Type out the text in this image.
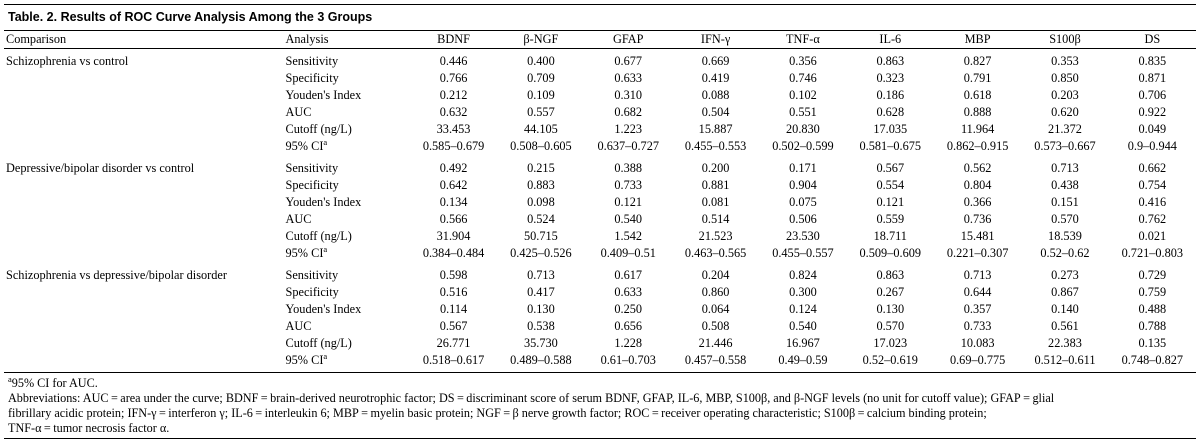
Table. 2. Results of ROC Curve Analysis Among the 3 Groups
Comparison	Analysis	BDNF	β-NGF	GFAP	IFN-γ	TNF-α	IL-6	MBP	S100β	DS
Schizophrenia vs control	Sensitivity	0.446	0.400	0.677	0.669	0.356	0.863	0.827	0.353	0.835
	Specificity	0.766	0.709	0.633	0.419	0.746	0.323	0.791	0.850	0.871
	Youden's Index	0.212	0.109	0.310	0.088	0.102	0.186	0.618	0.203	0.706
	AUC	0.632	0.557	0.682	0.504	0.551	0.628	0.888	0.620	0.922
	Cutoff (ng/L)	33.453	44.105	1.223	15.887	20.830	17.035	11.964	21.372	0.049
	95% $CI^a$	0.585–0.679	0.508–0.605	0.637–0.727	0.455–0.553	0.502–0.599	0.581–0.675	0.862–0.915	0.573–0.667	0.9–0.944
Depressive/bipolar disorder vs control	Sensitivity	0.492	0.215	0.388	0.200	0.171	0.567	0.562	0.713	0.662
	Specificity	0.642	0.883	0.733	0.881	0.904	0.554	0.804	0.438	0.754
	Youden's Index	0.134	0.098	0.121	0.081	0.075	0.121	0.366	0.151	0.416
	AUC	0.566	0.524	0.540	0.514	0.506	0.559	0.736	0.570	0.762
	Cutoff (ng/L)	31.904	50.715	1.542	21.523	23.530	18.711	15.481	18.539	0.021
	95% $CI^a$	0.384–0.484	0.425–0.526	0.409–0.51	0.463–0.565	0.455–0.557	0.509–0.609	0.221–0.307	0.52–0.62	0.721–0.803
Schizophrenia vs depressive/bipolar disorder	Sensitivity	0.598	0.713	0.617	0.204	0.824	0.863	0.713	0.273	0.729
	Specificity	0.516	0.417	0.633	0.860	0.300	0.267	0.644	0.867	0.759
	Youden's Index	0.114	0.130	0.250	0.064	0.124	0.130	0.357	0.140	0.488
	AUC	0.567	0.538	0.656	0.508	0.540	0.570	0.733	0.561	0.788
	Cutoff (ng/L)	26.771	35.730	1.228	21.446	16.967	17.023	10.083	22.383	0.135
	95% $CI^a$	0.518–0.617	0.489–0.588	0.61–0.703	0.457–0.558	0.49–0.59	0.52–0.619	0.69–0.775	0.512–0.611	0.748–0.827

$^a$95% CI for AUC.

Abbreviations: AUC = area under the curve; BDNF = brain-derived neurotrophic factor; DS = discriminant score of serum BDNF, GFAP, IL-6, MBP, S100β, and β-NGF levels (no unit for cutoff value); GFAP = glial

fibrillary acidic protein; IFN-γ = interferon γ; IL-6 = interleukin 6; MBP = myelin basic protein; NGF = β nerve growth factor; ROC = receiver operating characteristic; S100β = calcium binding protein;

TNF-α = tumor necrosis factor α.
